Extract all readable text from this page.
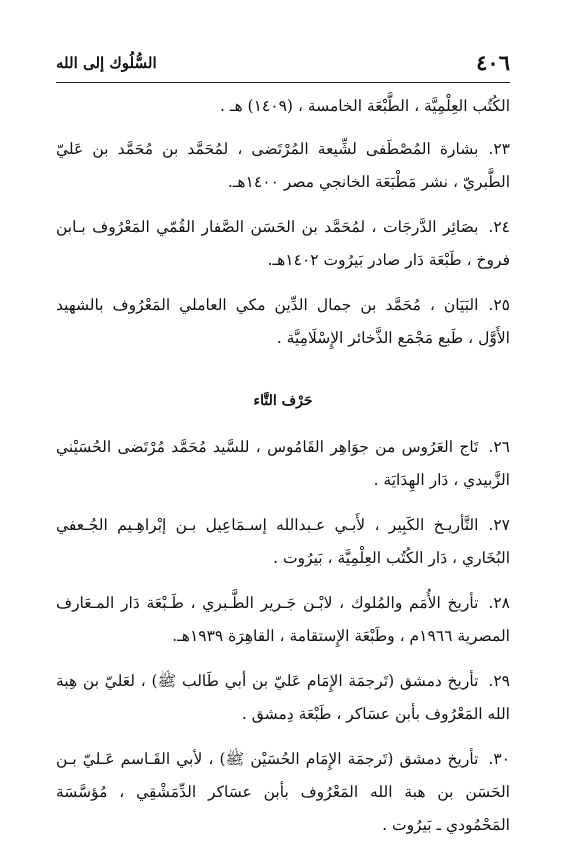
٤٠٦
السُّلُوك إلى الله

الكُتُب العِلْمِيَّة ، الطَّبْعَة الخامسة ، (١٤٠٩) هـ .

٢٣.بشارة المُصْطَفى لشِّيعة المُرْتَضى ، لمُحَمَّد بن مُحَمَّد بن عَليّ الطَّبريّ ، نشر مَطْبَعَة الخانجي مصر ١٤٠٠هـ.

٢٤.بصَائِر الدَّرجَات ، لمُحَمَّد بن الحَسَن الصَّفار القُمّي المَعْرُوف بـابن فروخ ، طَبْعَة دَار صادر بَيرُوت ١٤٠٢هـ.

٢٥.البَيَان ، مُحَمَّد بن جمال الدِّين مكي العاملي المَعْرُوف بالشهيد الأَوَّل ، طَبع مَجْمَع الذَّخائر الإِسْلَامِيَّة .

حَرْف التَّاء

٢٦.تَاج العَرُوس من جوَاهِر القَامُوس ، للسَّيد مُحَمَّد مُرْتَضى الحُسَيْني الزَّبيدي ، دَار الهِدَايَة .

٢٧.التَّأريـخ الكَبِير ، لأَبـي عـبدالله إسـمَاعِيل بـن إبْراهِـيم الجُـعفي البُخَاري ، دَار الكُتُب العِلْمِيَّة ، بَيرُوت .

٢٨.تأريخ الأُمَم والمُلوك ، لابْـن جَـرير الطَّـبري ، طَـبْعَة دَار المـعَارف المصرية ١٩٦٦م ، وطَبْعَة الإِستقامة ، القاهِرَة ١٩٣٩هـ.

٢٩.تأريخ دمشق (تَرجمَة الإِمَام عَليّ بن أبي طَالب ﷺ) ، لعَليّ بن هِبة الله المَعْرُوف بأبن عسَاكر ، طَبْعَة دِمشق .

٣٠.تأريخ دمشق (تَرجمَة الإِمَام الحُسَيْن ﷺ) ، لأبي القَـاسم عَـليّ بـن الحَسَن بن هبة الله المَعْرُوف بأبن عسَاكر الدِّمَشْقِي ، مُؤسَّسَة المَحْمُودي ـ بَيرُوت .
